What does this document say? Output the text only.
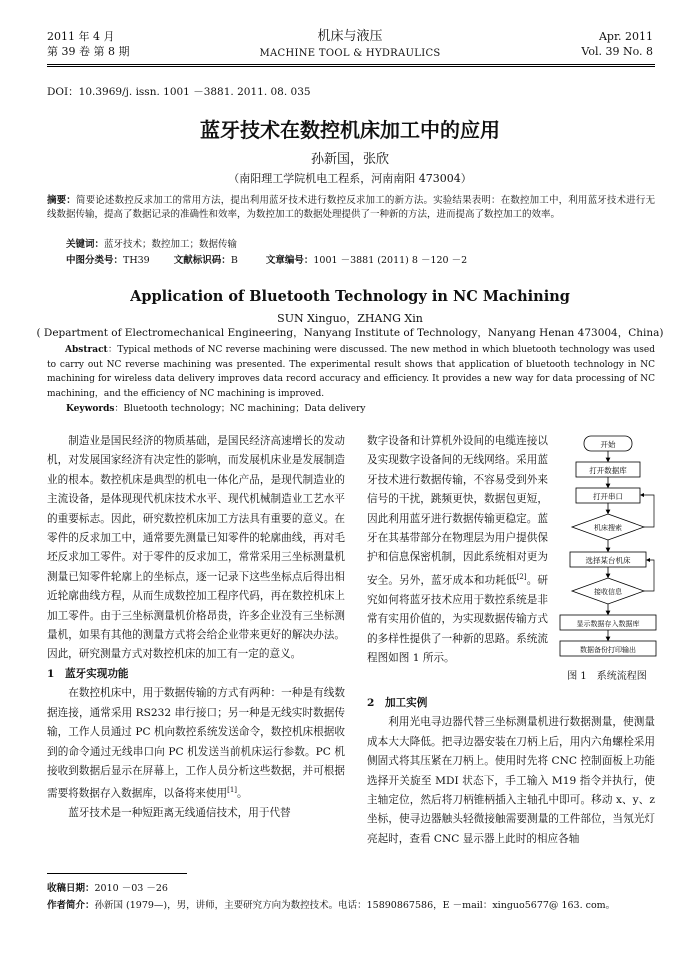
2011 年 4 月
第 39 卷 第 8 期
机床与液压
MACHINE TOOL & HYDRAULICS
Apr. 2011
Vol. 39 No. 8
DOI：10.3969/j. issn. 1001 －3881. 2011. 08. 035
蓝牙技术在数控机床加工中的应用
孙新国，张欣
（南阳理工学院机电工程系，河南南阳 473004）
摘要：简要论述数控反求加工的常用方法，提出利用蓝牙技术进行数控反求加工的新方法。实验结果表明：在数控加工中，利用蓝牙技术进行无线数据传输，提高了数据记录的准确性和效率，为数控加工的数据处理提供了一种新的方法，进而提高了数控加工的效率。
关键词：蓝牙技术；数控加工；数据传输
中图分类号：TH39	文献标识码：B	文章编号：1001 －3881 (2011) 8 －120 －2
Application of Bluetooth Technology in NC Machining
SUN Xinguo，ZHANG Xin
( Department of Electromechanical Engineering，Nanyang Institute of Technology，Nanyang Henan 473004，China)
Abstract：Typical methods of NC reverse machining were discussed. The new method in which bluetooth technology was used to carry out NC reverse machining was presented. The experimental result shows that application of bluetooth technology in NC machining for wireless data delivery improves data record accuracy and efficiency. It provides a new way for data processing of NC machining，and the efficiency of NC machining is improved.
Keywords：Bluetooth technology；NC machining；Data delivery

制造业是国民经济的物质基础，是国民经济高速增长的发动机，对发展国家经济有决定性的影响，而发展机床业是发展制造业的根本。数控机床是典型的机电一体化产品，是现代制造业的主流设备，是体现现代机床技术水平、现代机械制造业工艺水平的重要标志。因此，研究数控机床加工方法具有重要的意义。在零件的反求加工中，通常要先测量已知零件的轮廓曲线，再对毛坯反求加工零件。对于零件的反求加工，常常采用三坐标测量机测量已知零件轮廓上的坐标点，逐一记录下这些坐标点后得出相近轮廓曲线方程，从而生成数控加工程序代码，再在数控机床上加工零件。由于三坐标测量机价格昂贵，许多企业没有三坐标测量机，如果有其他的测量方式将会给企业带来更好的解决办法。因此，研究测量方式对数控机床的加工有一定的意义。

1　蓝牙实现功能

在数控机床中，用于数据传输的方式有两种：一种是有线数据连接，通常采用 RS232 串行接口；另一种是无线实时数据传输，工作人员通过 PC 机向数控系统发送命令，数控机床根据收到的命令通过无线串口向 PC 机发送当前机床运行参数。PC 机接收到数据后显示在屏幕上，工作人员分析这些数据，并可根据需要将数据存入数据库，以备将来使用[1]。

蓝牙技术是一种短距离无线通信技术，用于代替

数字设备和计算机外设间的电缆连接以及实现数字设备间的无线网络。采用蓝牙技术进行数据传输，不容易受到外来信号的干扰，跳频更快，数据包更短，因此利用蓝牙进行数据传输更稳定。蓝牙在其基带部分在物理层为用户提供保护和信息保密机制，因此系统相对更为安全。另外，蓝牙成本和功耗低[2]。研究如何将蓝牙技术应用于数控系统是非常有实用价值的，为实现数据传输方式的多样性提供了一种新的思路。系统流程图如图 1 所示。

开始
打开数据库
打开串口
机床搜索
选择某台机床
接收信息
显示数据存入数据库
数据备份打印输出
图 1　系统流程图

2　加工实例

利用光电寻边器代替三坐标测量机进行数据测量，使测量成本大大降低。把寻边器安装在刀柄上后，用内六角螺栓采用侧固式将其压紧在刀柄上。使用时先将 CNC 控制面板上功能选择开关旋至 MDI 状态下，手工输入 M19 指令并执行，使主轴定位，然后将刀柄锥柄插入主轴孔中即可。移动 x、y、z 坐标，使寻边器触头轻微接触需要测量的工件部位，当氖光灯亮起时，查看 CNC 显示器上此时的相应各轴

收稿日期：2010 －03 －26
作者简介：孙新国 (1979—)，男，讲师，主要研究方向为数控技术。电话：15890867586，E －mail：xinguo5677@ 163. com。
